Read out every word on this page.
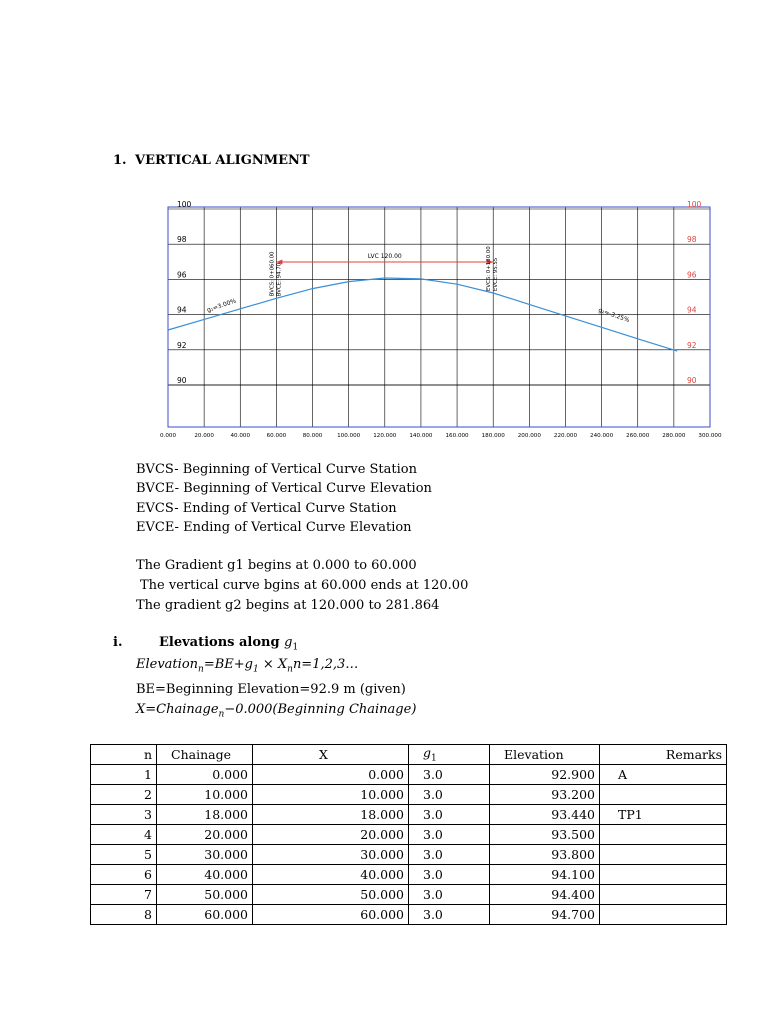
1. VERTICAL ALIGNMENT
100	100
98	98
96	96
94	94
92	92
90	90
0.000	20.000	40.000	60.000	80.000	100.000 120.000 140.000 160.000 180.000 200.000 220.000 240.000 260.000 280.000 300.000
LVC 120.00
BVCS: 0+060.00 BVCE: 94.70	EVCS: 0+180.00 EVCE: 95.55
g₁=3.00%
g₂=-3.25%
BVCS- Beginning of Vertical Curve Station
BVCE- Beginning of Vertical Curve Elevation
EVCS- Ending of Vertical Curve Station
EVCE- Ending of Vertical Curve Elevation
The Gradient g1 begins at 0.000 to 60.000
The vertical curve bgins at 60.000 ends at 120.00
The gradient g2 begins at 120.000 to 281.864
i.	Elevations along $g_1$
$Elevation_n=BE+g_1$ × $X_nn=1,2,3\dots$
BE=Beginning Elevation=92.9 m (given)
X=Chainage$_n$−0.000(Beginning Chainage)
n	Chainage	X	$g_1$	Elevation	Remarks
1	0.000	0.000	3.0	92.900	A
2	10.000	10.000	3.0	93.200	
3	18.000	18.000	3.0	93.440	TP1
4	20.000	20.000	3.0	93.500	
5	30.000	30.000	3.0	93.800	
6	40.000	40.000	3.0	94.100	
7	50.000	50.000	3.0	94.400	
8	60.000	60.000	3.0	94.700	
